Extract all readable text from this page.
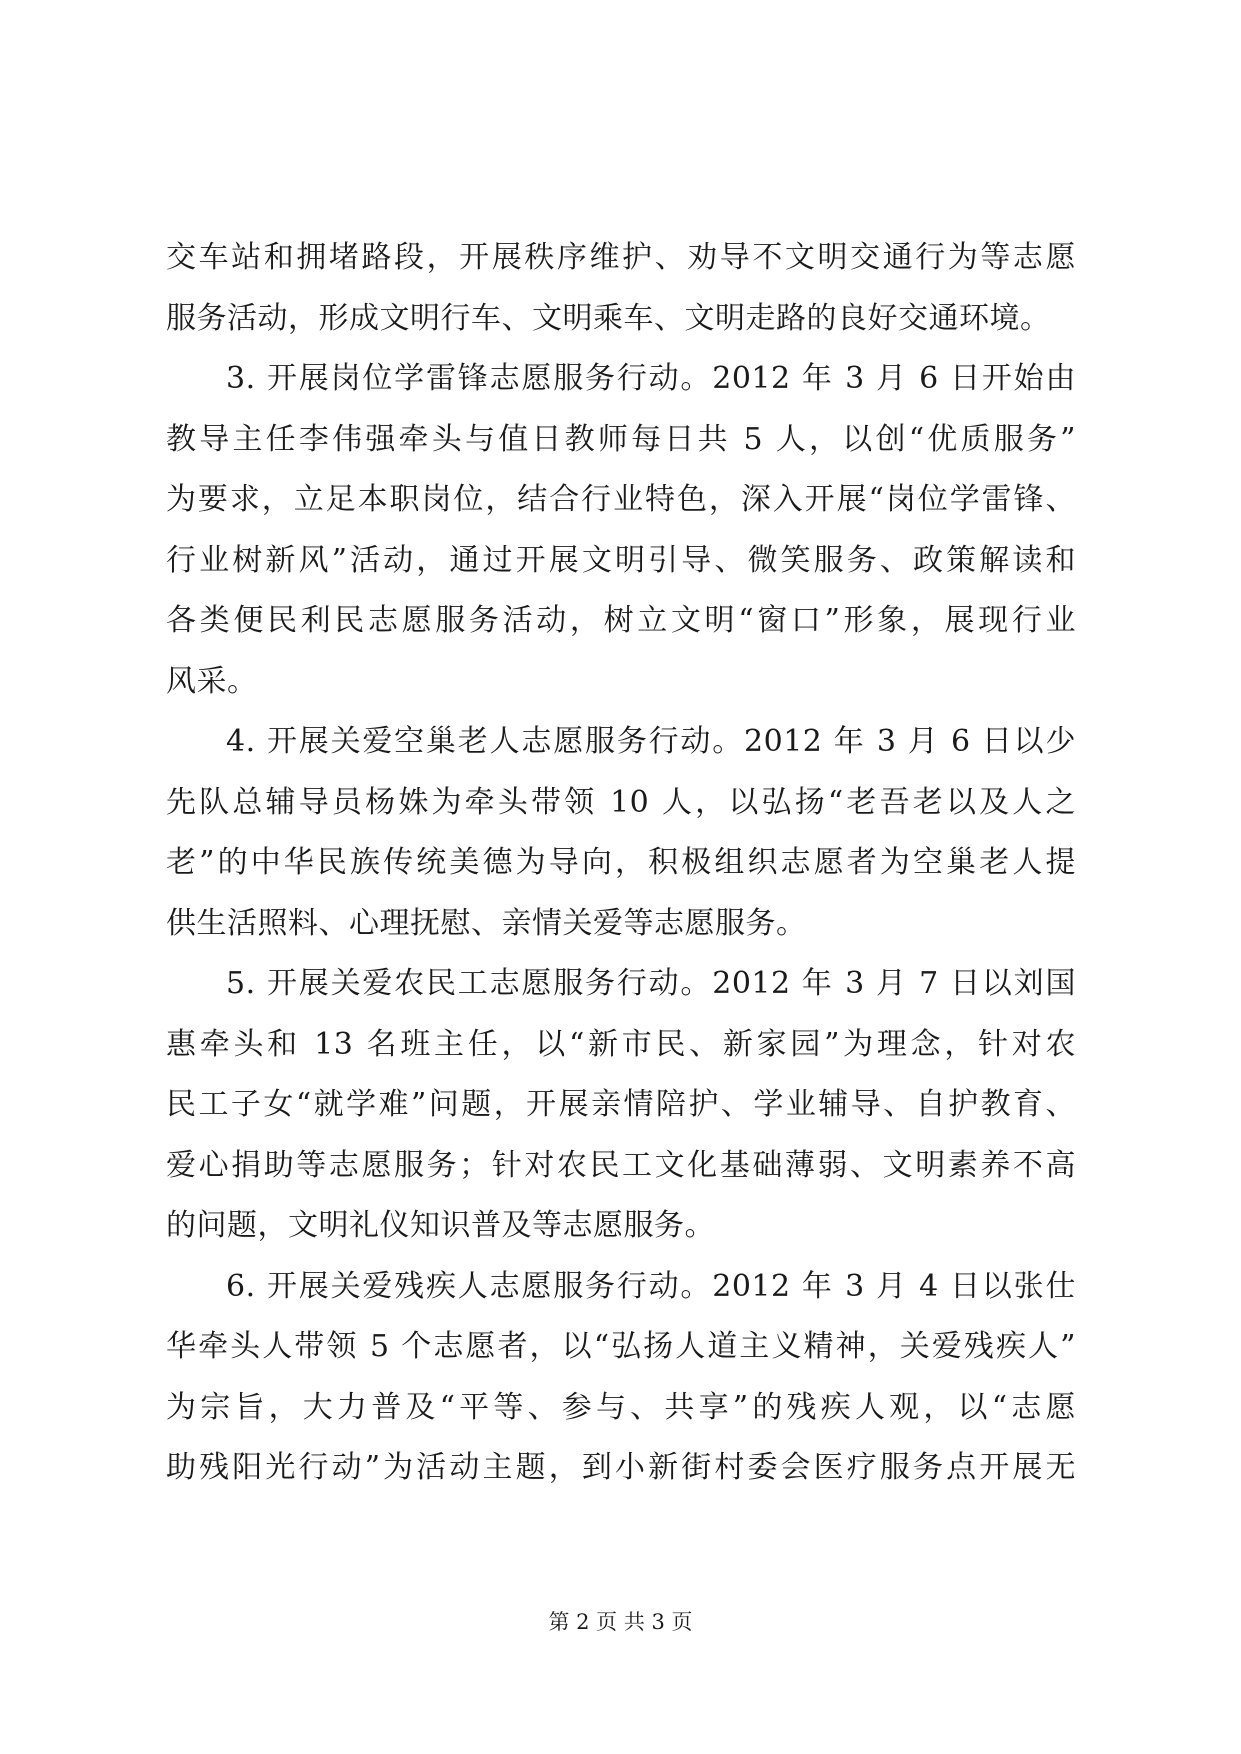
交车站和拥堵路段，开展秩序维护、劝导不文明交通行为等志愿
服务活动，形成文明行车、文明乘车、文明走路的良好交通环境。
3. 开展岗位学雷锋志愿服务行动。2012 年 3 月 6 日开始由
教导主任李伟强牵头与值日教师每日共 5 人，以创“优质服务”
为要求，立足本职岗位，结合行业特色，深入开展“岗位学雷锋、
行业树新风”活动，通过开展文明引导、微笑服务、政策解读和
各类便民利民志愿服务活动，树立文明“窗口”形象，展现行业
风采。
4. 开展关爱空巢老人志愿服务行动。2012 年 3 月 6 日以少
先队总辅导员杨姝为牵头带领 10 人，以弘扬“老吾老以及人之
老”的中华民族传统美德为导向，积极组织志愿者为空巢老人提
供生活照料、心理抚慰、亲情关爱等志愿服务。
5. 开展关爱农民工志愿服务行动。2012 年 3 月 7 日以刘国
惠牵头和 13 名班主任，以“新市民、新家园”为理念，针对农
民工子女“就学难”问题，开展亲情陪护、学业辅导、自护教育、
爱心捐助等志愿服务；针对农民工文化基础薄弱、文明素养不高
的问题，文明礼仪知识普及等志愿服务。
6. 开展关爱残疾人志愿服务行动。2012 年 3 月 4 日以张仕
华牵头人带领 5 个志愿者，以“弘扬人道主义精神，关爱残疾人”
为宗旨，大力普及“平等、参与、共享”的残疾人观，以“志愿
助残阳光行动”为活动主题，到小新街村委会医疗服务点开展无
第 2 页 共 3 页
